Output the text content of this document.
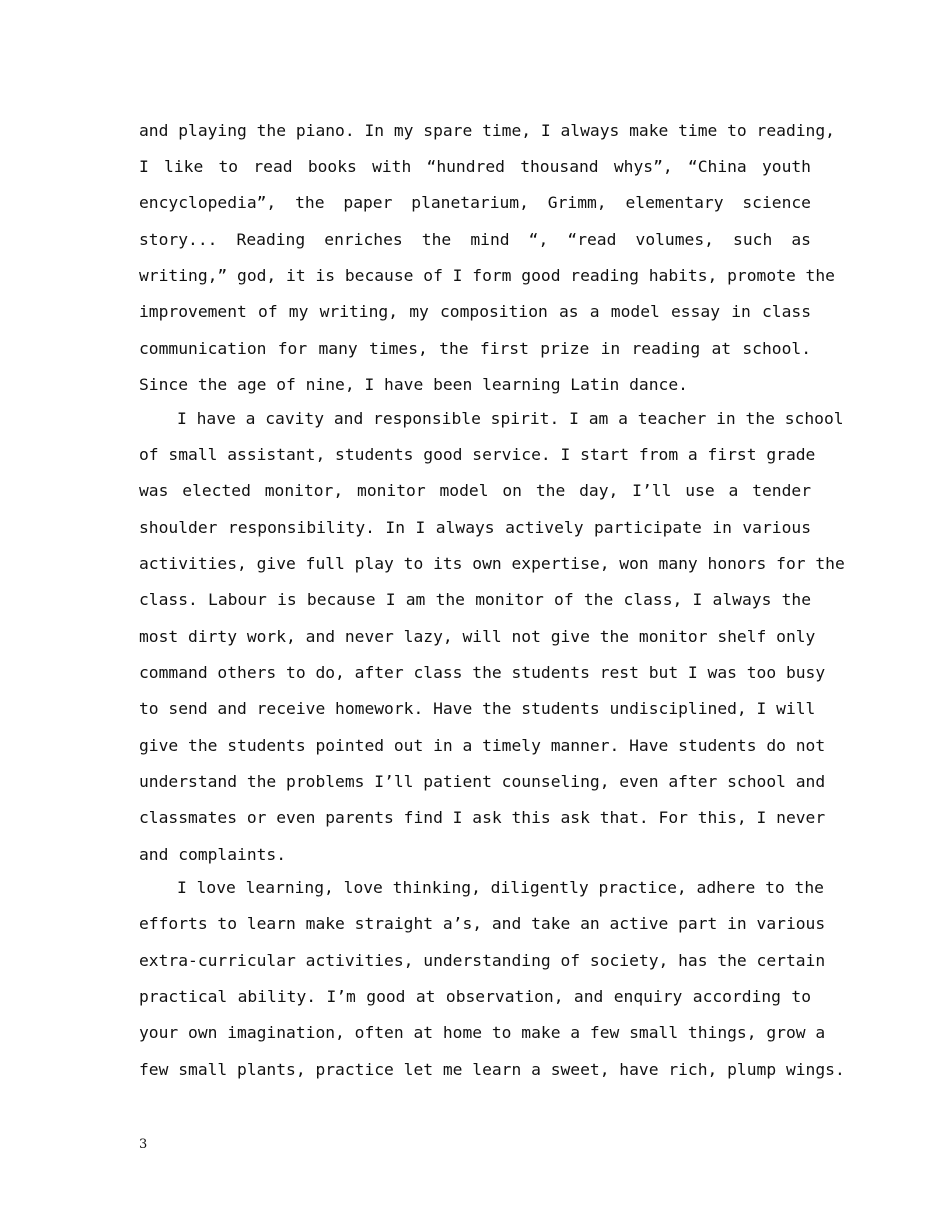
and playing the piano. In my spare time, I always make time to reading,
I like to read books with “hundred thousand whys”, “China youth
encyclopedia”, the paper planetarium, Grimm, elementary science
story... Reading enriches the mind “, “read volumes, such as
writing,” god, it is because of I form good reading habits, promote the
improvement of my writing, my composition as a model essay in class
communication for many times, the first prize in reading at school.
Since the age of nine, I have been learning Latin dance.
I have a cavity and responsible spirit. I am a teacher in the school
of small assistant, students good service. I start from a first grade
was elected monitor, monitor model on the day, I’ll use a tender
shoulder responsibility. In I always actively participate in various
activities, give full play to its own expertise, won many honors for the
class. Labour is because I am the monitor of the class, I always the
most dirty work, and never lazy, will not give the monitor shelf only
command others to do, after class the students rest but I was too busy
to send and receive homework. Have the students undisciplined, I will
give the students pointed out in a timely manner. Have students do not
understand the problems I’ll patient counseling, even after school and
classmates or even parents find I ask this ask that. For this, I never
and complaints.
I love learning, love thinking, diligently practice, adhere to the
efforts to learn make straight a’s, and take an active part in various
extra-curricular activities, understanding of society, has the certain
practical ability. I’m good at observation, and enquiry according to
your own imagination, often at home to make a few small things, grow a
few small plants, practice let me learn a sweet, have rich, plump wings.
3
